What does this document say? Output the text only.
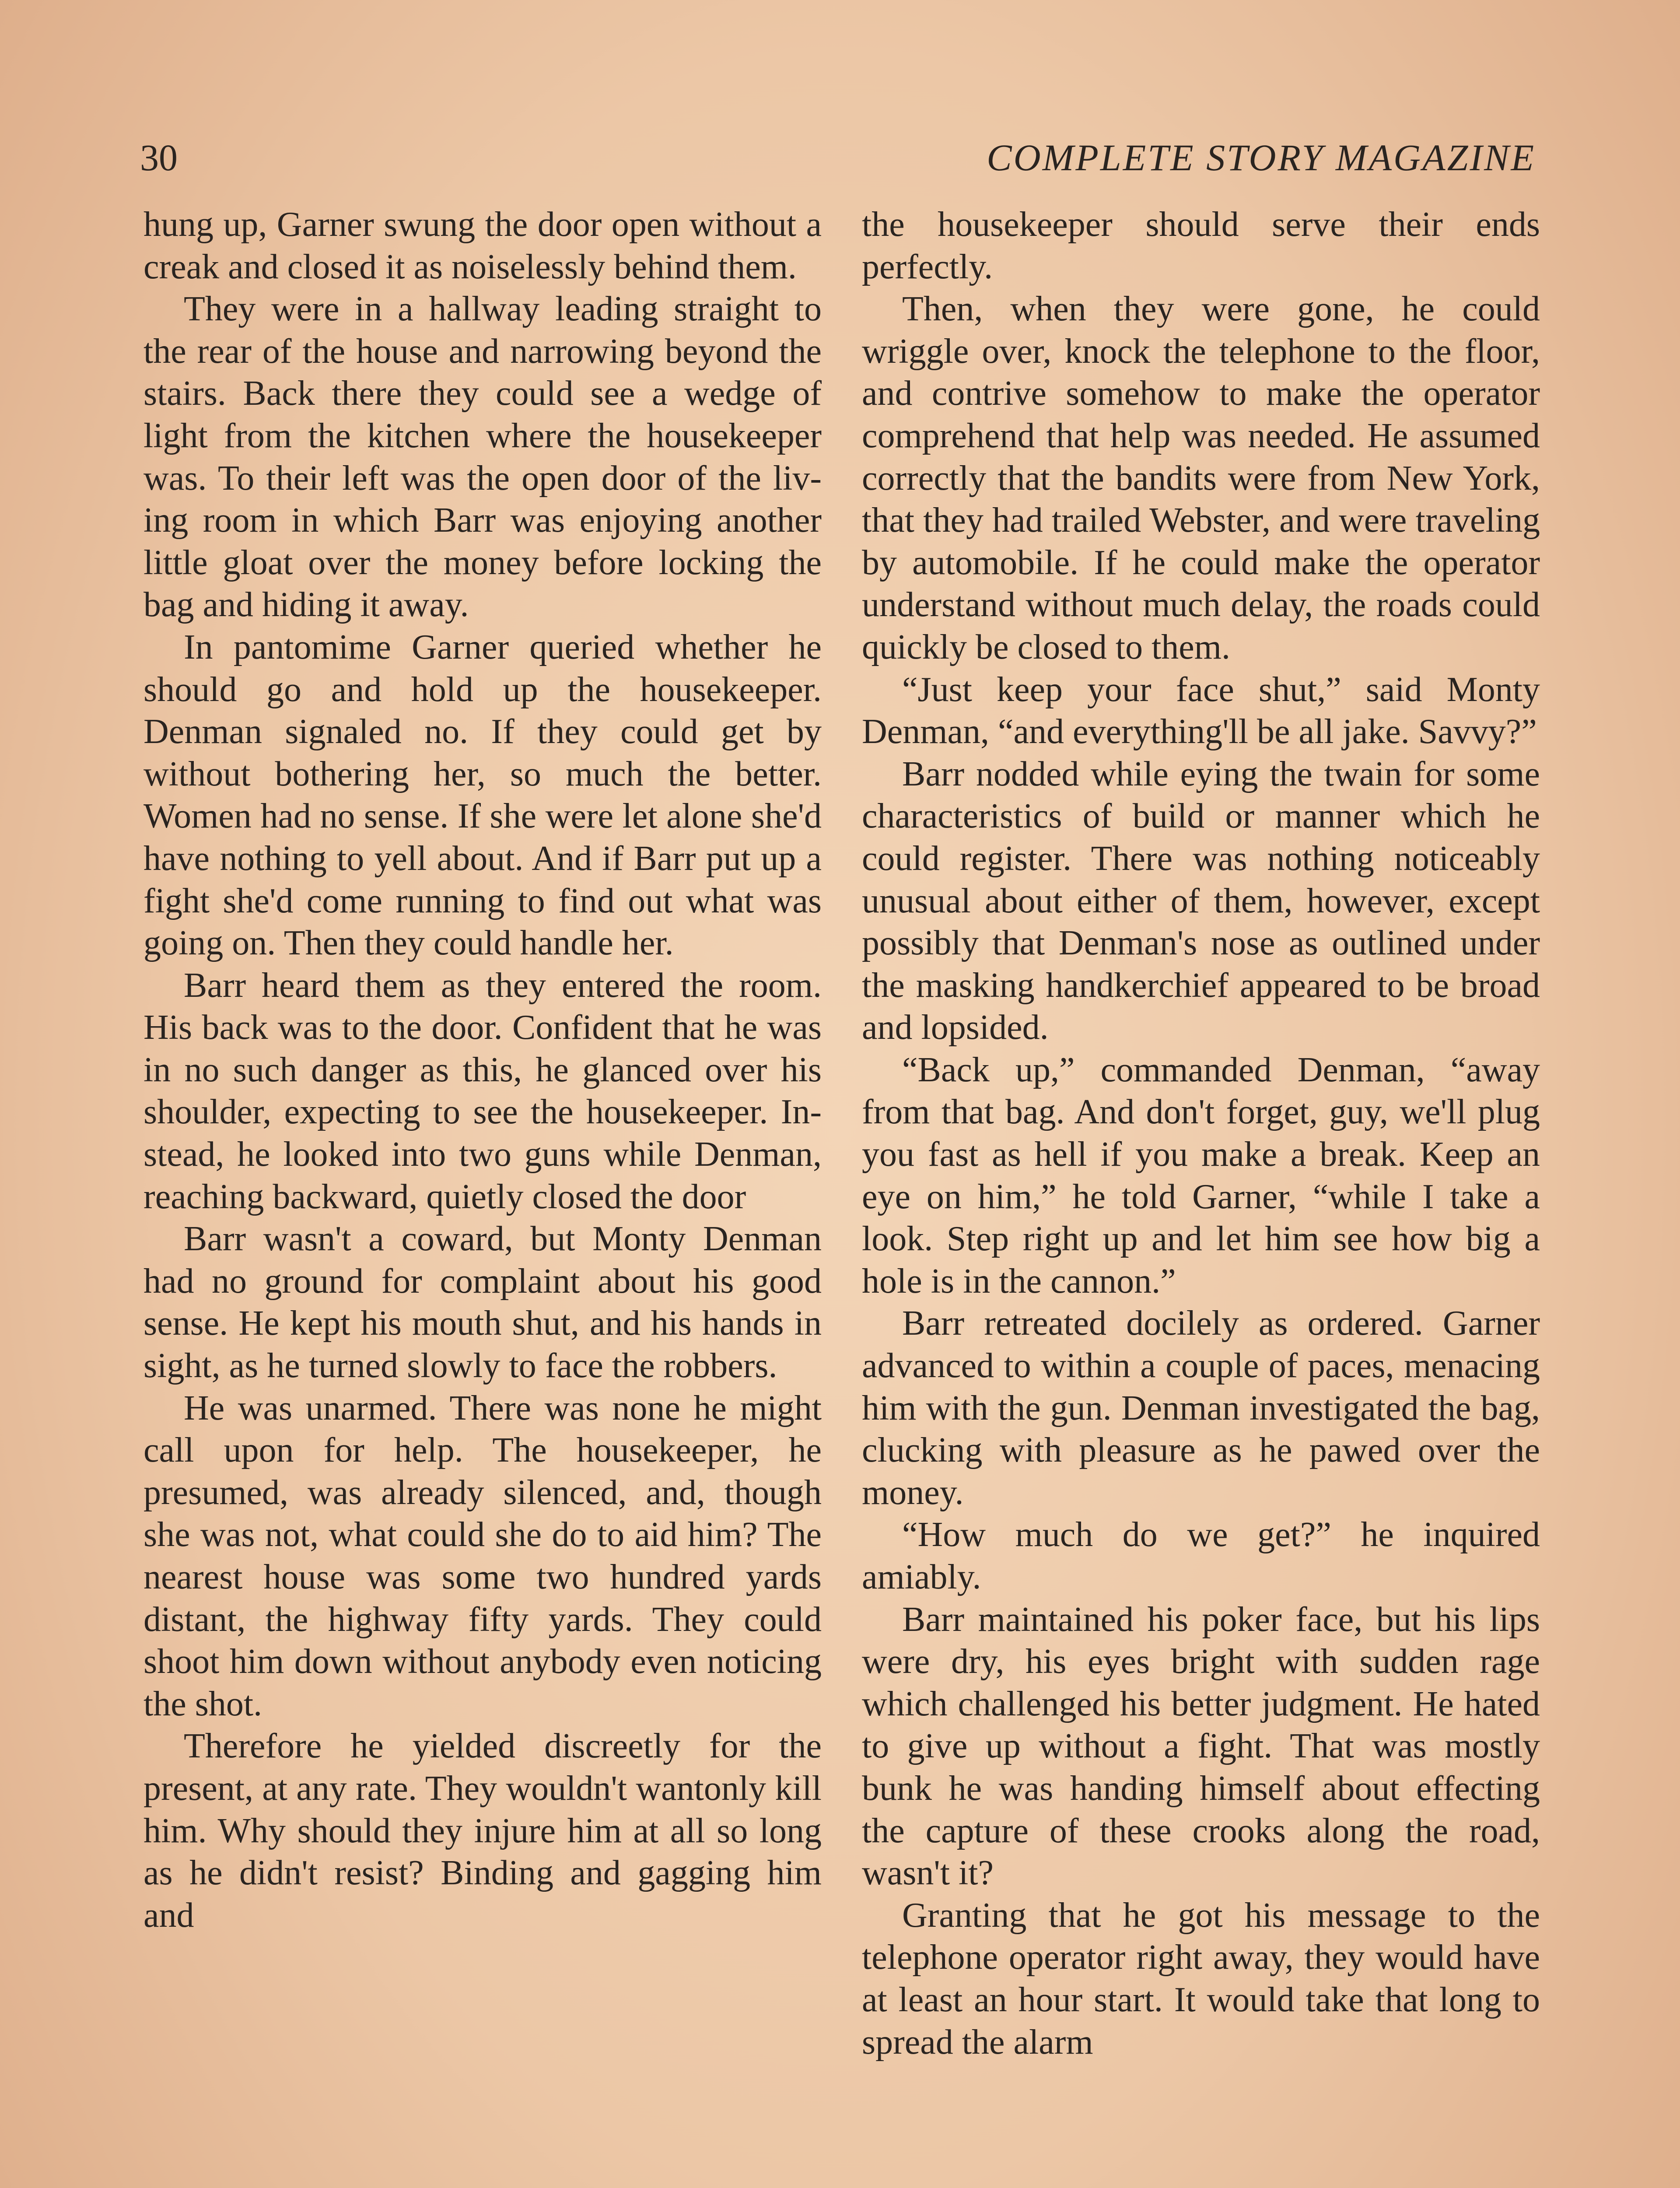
30	COMPLETE STORY MAGAZINE

hung up, Garner swung the door open without a creak and closed it as noiselessly behind them.

They were in a hallway leading straight to the rear of the house and narrowing beyond the stairs. Back there they could see a wedge of light from the kitchen where the housekeeper was. To their left was the open door of the living room in which Barr was enjoying another little gloat over the money before locking the bag and hiding it away.

In pantomime Garner queried whether he should go and hold up the housekeeper. Denman signaled no. If they could get by without bothering her, so much the better. Women had no sense. If she were let alone she'd have nothing to yell about. And if Barr put up a fight she'd come running to find out what was going on. Then they could handle her.

Barr heard them as they entered the room. His back was to the door. Confident that he was in no such danger as this, he glanced over his shoulder, expecting to see the housekeeper. Instead, he looked into two guns while Denman, reaching backward, quietly closed the door

Barr wasn't a coward, but Monty Denman had no ground for complaint about his good sense. He kept his mouth shut, and his hands in sight, as he turned slowly to face the robbers.

He was unarmed. There was none he might call upon for help. The housekeeper, he presumed, was already silenced, and, though she was not, what could she do to aid him? The nearest house was some two hundred yards distant, the highway fifty yards. They could shoot him down without anybody even noticing the shot.

Therefore he yielded discreetly for the present, at any rate. They wouldn't wantonly kill him. Why should they injure him at all so long as he didn't resist? Binding and gagging him and

the housekeeper should serve their ends perfectly.

Then, when they were gone, he could wriggle over, knock the telephone to the floor, and contrive somehow to make the operator comprehend that help was needed. He assumed correctly that the bandits were from New York, that they had trailed Webster, and were traveling by automobile. If he could make the operator understand without much delay, the roads could quickly be closed to them.

“Just keep your face shut,” said Monty Denman, “and everything'll be all jake. Savvy?”

Barr nodded while eying the twain for some characteristics of build or manner which he could register. There was nothing noticeably unusual about either of them, however, except possibly that Denman's nose as outlined under the masking handkerchief appeared to be broad and lopsided.

“Back up,” commanded Denman, “away from that bag. And don't forget, guy, we'll plug you fast as hell if you make a break. Keep an eye on him,” he told Garner, “while I take a look. Step right up and let him see how big a hole is in the cannon.”

Barr retreated docilely as ordered. Garner advanced to within a couple of paces, menacing him with the gun. Denman investigated the bag, clucking with pleasure as he pawed over the money.

“How much do we get?” he inquired amiably.

Barr maintained his poker face, but his lips were dry, his eyes bright with sudden rage which challenged his better judgment. He hated to give up without a fight. That was mostly bunk he was handing himself about effecting the capture of these crooks along the road, wasn't it?

Granting that he got his message to the telephone operator right away, they would have at least an hour start. It would take that long to spread the alarm
